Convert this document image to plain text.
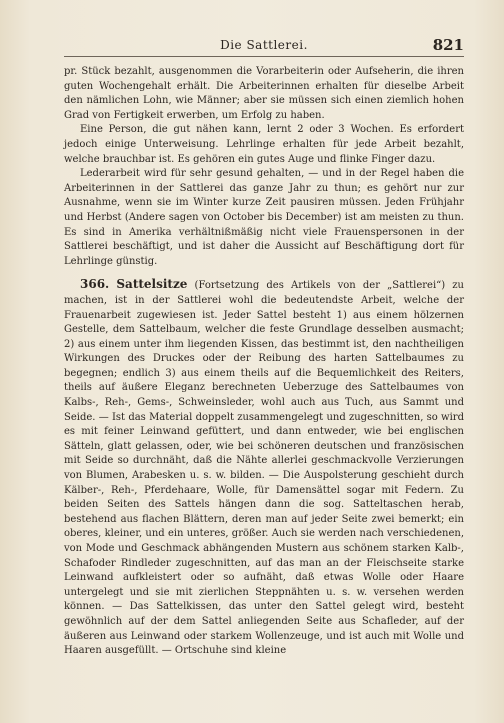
Die Sattlerei.	821

pr. Stück bezahlt, ausgenommen die Vorarbeiterin oder Aufseherin, die ihren guten Wochengehalt erhält. Die Arbeiterinnen erhalten für dieselbe Arbeit den nämlichen Lohn, wie Männer; aber sie müssen sich einen ziemlich hohen Grad von Fertigkeit erwerben, um Erfolg zu haben.

Eine Person, die gut nähen kann, lernt 2 oder 3 Wochen. Es erfordert jedoch einige Unterweisung. Lehrlinge erhalten für jede Arbeit bezahlt, welche brauchbar ist. Es gehören ein gutes Auge und flinke Finger dazu.

Lederarbeit wird für sehr gesund gehalten, — und in der Regel haben die Arbeiterinnen in der Sattlerei das ganze Jahr zu thun; es gehört nur zur Ausnahme, wenn sie im Winter kurze Zeit pausiren müssen. Jeden Frühjahr und Herbst (Andere sagen von October bis December) ist am meisten zu thun. Es sind in Amerika verhältnißmäßig nicht viele Frauenspersonen in der Sattlerei beschäftigt, und ist daher die Aussicht auf Beschäftigung dort für Lehrlinge günstig.

366. Sattelsitze (Fortsetzung des Artikels von der „Sattlerei“) zu machen, ist in der Sattlerei wohl die bedeutendste Arbeit, welche der Frauenarbeit zugewiesen ist. Jeder Sattel besteht 1) aus einem hölzernen Gestelle, dem Sattelbaum, welcher die feste Grundlage desselben ausmacht; 2) aus einem unter ihm liegenden Kissen, das bestimmt ist, den nachtheiligen Wirkungen des Druckes oder der Reibung des harten Sattelbaumes zu begegnen; endlich 3) aus einem theils auf die Bequemlichkeit des Reiters, theils auf äußere Eleganz berechneten Ueberzuge des Sattelbaumes von Kalbs-, Reh-, Gems-, Schweinsleder, wohl auch aus Tuch, aus Sammt und Seide. — Ist das Material doppelt zusammengelegt und zugeschnitten, so wird es mit feiner Leinwand gefüttert, und dann entweder, wie bei englischen Sätteln, glatt gelassen, oder, wie bei schöneren deutschen und französischen mit Seide so durchnäht, daß die Nähte allerlei geschmackvolle Verzierungen von Blumen, Arabesken u. s. w. bilden. — Die Auspolsterung geschieht durch Kälber-, Reh-, Pferdehaare, Wolle, für Damensättel sogar mit Federn. Zu beiden Seiten des Sattels hängen dann die sog. Satteltaschen herab, bestehend aus flachen Blättern, deren man auf jeder Seite zwei bemerkt; ein oberes, kleiner, und ein unteres, größer. Auch sie werden nach verschiedenen, von Mode und Geschmack abhängenden Mustern aus schönem starken Kalb-, Schafoder Rindleder zugeschnitten, auf das man an der Fleischseite starke Leinwand aufkleistert oder so aufnäht, daß etwas Wolle oder Haare untergelegt und sie mit zierlichen Steppnähten u. s. w. versehen werden können. — Das Sattelkissen, das unter den Sattel gelegt wird, besteht gewöhnlich auf der dem Sattel anliegenden Seite aus Schafleder, auf der äußeren aus Leinwand oder starkem Wollenzeuge, und ist auch mit Wolle und Haaren ausgefüllt. — Ortschuhe sind kleine
